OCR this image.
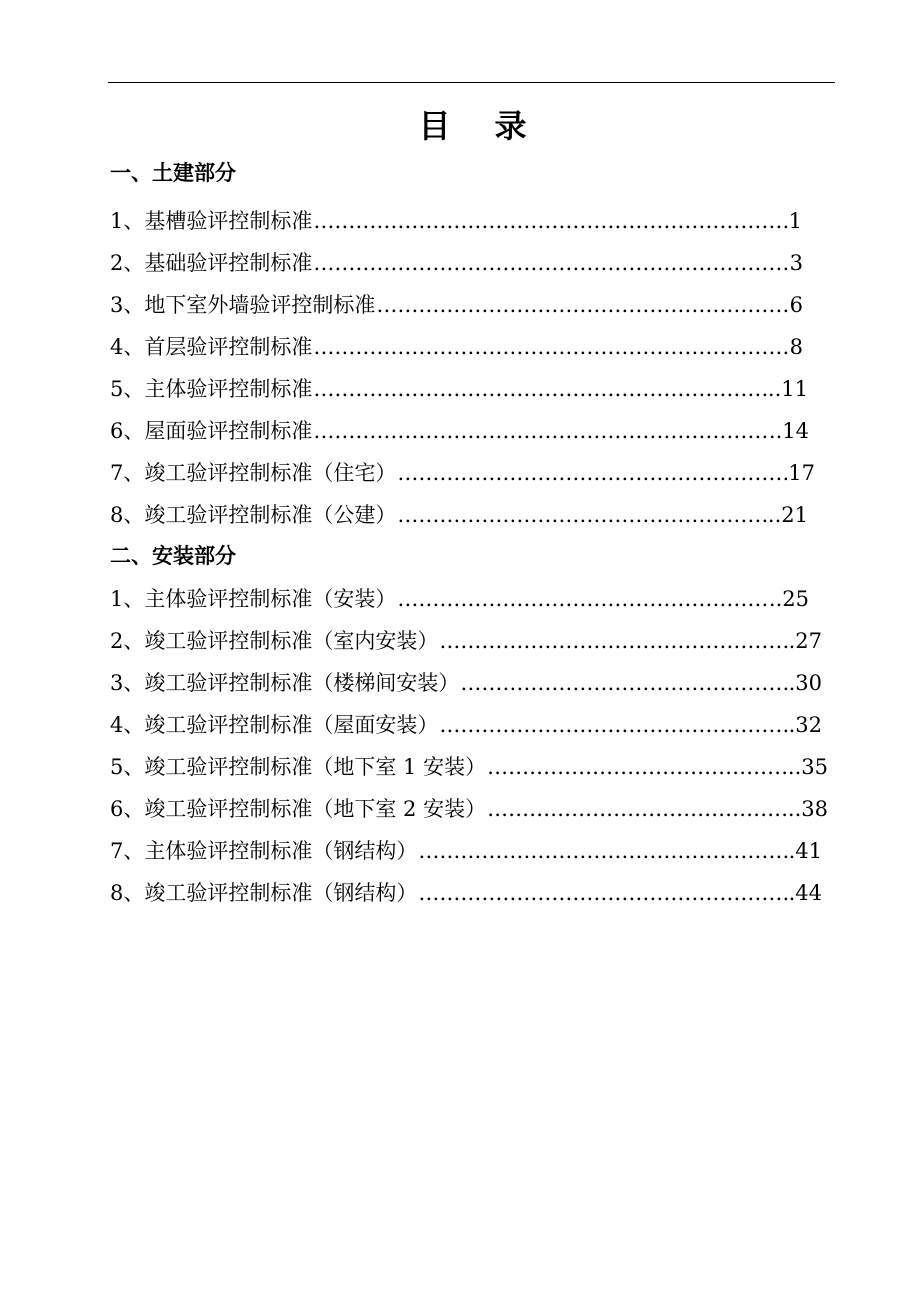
目 录
一、土建部分
1、基槽验评控制标准 ……………………………………………………………………………………………………………	1
2、基础验评控制标准 ……………………………………………………………………………………………………………	3
3、地下室外墙验评控制标准 ……………………………………………………………………………………………………………	6
4、首层验评控制标准 ……………………………………………………………………………………………………………	8
5、主体验评控制标准 ……………………………………………………………………………………………………………	..11
6、屋面验评控制标准 ……………………………………………………………………………………………………………	..14
7、竣工验评控制标准（住宅） ……………………………………………………………………………………………………………	17
8、竣工验评控制标准（公建） ……………………………………………………………………………………………………………	..21
二、安装部分
1、主体验评控制标准（安装） ……………………………………………………………………………………………………………	..25
2、竣工验评控制标准（室内安装） ……………………………………………………………………………………………………………	.27
3、竣工验评控制标准（楼梯间安装） ……………………………………………………………………………………………………………	.30
4、竣工验评控制标准（屋面安装） ……………………………………………………………………………………………………………	.32
5、竣工验评控制标准（地下室 1 安装） ……………………………………………………………………………………………………………	..35
6、竣工验评控制标准（地下室 2 安装） ……………………………………………………………………………………………………………	..38
7、主体验评控制标准（钢结构） ……………………………………………………………………………………………………………	.41
8、竣工验评控制标准（钢结构） ……………………………………………………………………………………………………………	.44
